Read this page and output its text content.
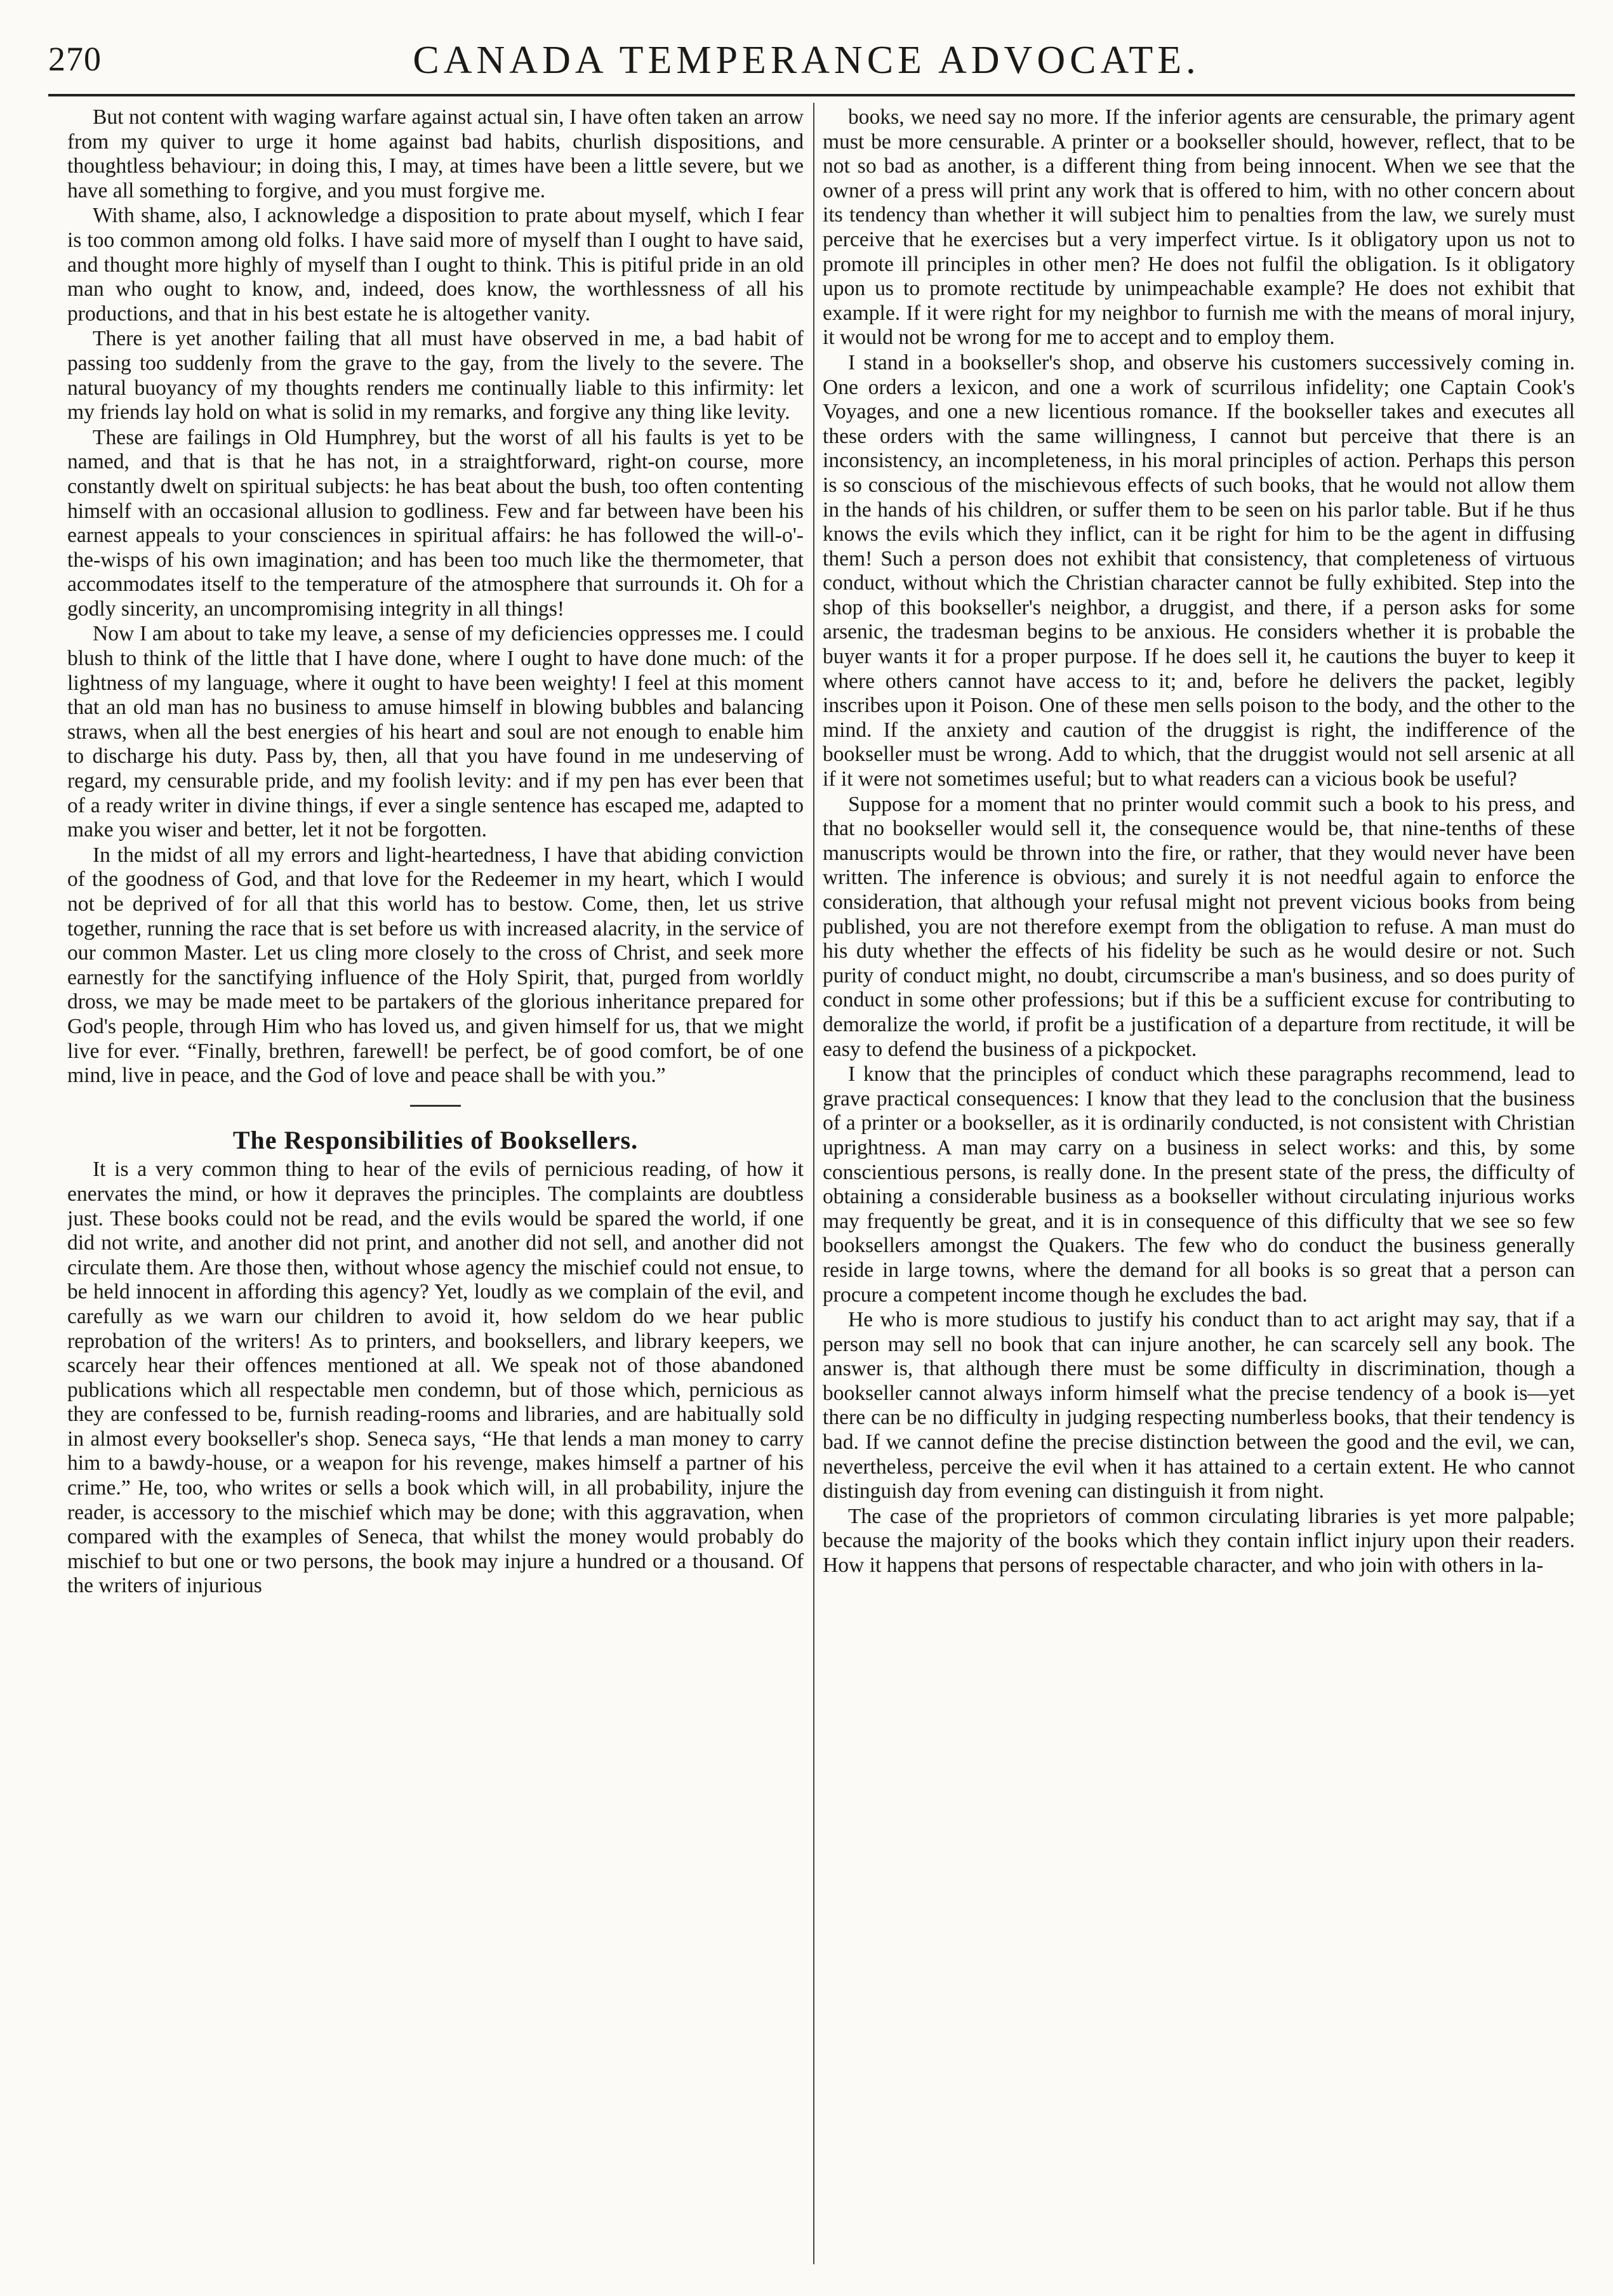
270	CANADA TEMPERANCE ADVOCATE.

But not content with waging warfare against actual sin, I have often taken an arrow from my quiver to urge it home against bad habits, churlish dispositions, and thoughtless behaviour; in doing this, I may, at times have been a little severe, but we have all something to forgive, and you must forgive me.

With shame, also, I acknowledge a disposition to prate about myself, which I fear is too common among old folks. I have said more of myself than I ought to have said, and thought more highly of myself than I ought to think. This is pitiful pride in an old man who ought to know, and, indeed, does know, the worthlessness of all his productions, and that in his best estate he is altogether vanity.

There is yet another failing that all must have observed in me, a bad habit of passing too suddenly from the grave to the gay, from the lively to the severe. The natural buoyancy of my thoughts renders me continually liable to this infirmity: let my friends lay hold on what is solid in my remarks, and forgive any thing like levity.

These are failings in Old Humphrey, but the worst of all his faults is yet to be named, and that is that he has not, in a straightforward, right-on course, more constantly dwelt on spiritual subjects: he has beat about the bush, too often contenting himself with an occasional allusion to godliness. Few and far between have been his earnest appeals to your consciences in spiritual affairs: he has followed the will-o'-the-wisps of his own imagination; and has been too much like the thermometer, that accommodates itself to the temperature of the atmosphere that surrounds it. Oh for a godly sincerity, an uncompromising integrity in all things!

Now I am about to take my leave, a sense of my deficiencies oppresses me. I could blush to think of the little that I have done, where I ought to have done much: of the lightness of my language, where it ought to have been weighty! I feel at this moment that an old man has no business to amuse himself in blowing bubbles and balancing straws, when all the best energies of his heart and soul are not enough to enable him to discharge his duty. Pass by, then, all that you have found in me undeserving of regard, my censurable pride, and my foolish levity: and if my pen has ever been that of a ready writer in divine things, if ever a single sentence has escaped me, adapted to make you wiser and better, let it not be forgotten.

In the midst of all my errors and light-heartedness, I have that abiding conviction of the goodness of God, and that love for the Redeemer in my heart, which I would not be deprived of for all that this world has to bestow. Come, then, let us strive together, running the race that is set before us with increased alacrity, in the service of our common Master. Let us cling more closely to the cross of Christ, and seek more earnestly for the sanctifying influence of the Holy Spirit, that, purged from worldly dross, we may be made meet to be partakers of the glorious inheritance prepared for God's people, through Him who has loved us, and given himself for us, that we might live for ever. “Finally, brethren, farewell! be perfect, be of good comfort, be of one mind, live in peace, and the God of love and peace shall be with you.”

The Responsibilities of Booksellers.

It is a very common thing to hear of the evils of pernicious reading, of how it enervates the mind, or how it depraves the principles. The complaints are doubtless just. These books could not be read, and the evils would be spared the world, if one did not write, and another did not print, and another did not sell, and another did not circulate them. Are those then, without whose agency the mischief could not ensue, to be held innocent in affording this agency? Yet, loudly as we complain of the evil, and carefully as we warn our children to avoid it, how seldom do we hear public reprobation of the writers! As to printers, and booksellers, and library keepers, we scarcely hear their offences mentioned at all. We speak not of those abandoned publications which all respectable men condemn, but of those which, pernicious as they are confessed to be, furnish reading-rooms and libraries, and are habitually sold in almost every bookseller's shop. Seneca says, “He that lends a man money to carry him to a bawdy-house, or a weapon for his revenge, makes himself a partner of his crime.” He, too, who writes or sells a book which will, in all probability, injure the reader, is accessory to the mischief which may be done; with this aggravation, when compared with the examples of Seneca, that whilst the money would probably do mischief to but one or two persons, the book may injure a hundred or a thousand. Of the writers of injurious

books, we need say no more. If the inferior agents are censurable, the primary agent must be more censurable. A printer or a bookseller should, however, reflect, that to be not so bad as another, is a different thing from being innocent. When we see that the owner of a press will print any work that is offered to him, with no other concern about its tendency than whether it will subject him to penalties from the law, we surely must perceive that he exercises but a very imperfect virtue. Is it obligatory upon us not to promote ill principles in other men? He does not fulfil the obligation. Is it obligatory upon us to promote rectitude by unimpeachable example? He does not exhibit that example. If it were right for my neighbor to furnish me with the means of moral injury, it would not be wrong for me to accept and to employ them.

I stand in a bookseller's shop, and observe his customers successively coming in. One orders a lexicon, and one a work of scurrilous infidelity; one Captain Cook's Voyages, and one a new licentious romance. If the bookseller takes and executes all these orders with the same willingness, I cannot but perceive that there is an inconsistency, an incompleteness, in his moral principles of action. Perhaps this person is so conscious of the mischievous effects of such books, that he would not allow them in the hands of his children, or suffer them to be seen on his parlor table. But if he thus knows the evils which they inflict, can it be right for him to be the agent in diffusing them! Such a person does not exhibit that consistency, that completeness of virtuous conduct, without which the Christian character cannot be fully exhibited. Step into the shop of this bookseller's neighbor, a druggist, and there, if a person asks for some arsenic, the tradesman begins to be anxious. He considers whether it is probable the buyer wants it for a proper purpose. If he does sell it, he cautions the buyer to keep it where others cannot have access to it; and, before he delivers the packet, legibly inscribes upon it Poison. One of these men sells poison to the body, and the other to the mind. If the anxiety and caution of the druggist is right, the indifference of the bookseller must be wrong. Add to which, that the druggist would not sell arsenic at all if it were not sometimes useful; but to what readers can a vicious book be useful?

Suppose for a moment that no printer would commit such a book to his press, and that no bookseller would sell it, the consequence would be, that nine-tenths of these manuscripts would be thrown into the fire, or rather, that they would never have been written. The inference is obvious; and surely it is not needful again to enforce the consideration, that although your refusal might not prevent vicious books from being published, you are not therefore exempt from the obligation to refuse. A man must do his duty whether the effects of his fidelity be such as he would desire or not. Such purity of conduct might, no doubt, circumscribe a man's business, and so does purity of conduct in some other professions; but if this be a sufficient excuse for contributing to demoralize the world, if profit be a justification of a departure from rectitude, it will be easy to defend the business of a pickpocket.

I know that the principles of conduct which these paragraphs recommend, lead to grave practical consequences: I know that they lead to the conclusion that the business of a printer or a bookseller, as it is ordinarily conducted, is not consistent with Christian uprightness. A man may carry on a business in select works: and this, by some conscientious persons, is really done. In the present state of the press, the difficulty of obtaining a considerable business as a bookseller without circulating injurious works may frequently be great, and it is in consequence of this difficulty that we see so few booksellers amongst the Quakers. The few who do conduct the business generally reside in large towns, where the demand for all books is so great that a person can procure a competent income though he excludes the bad.

He who is more studious to justify his conduct than to act aright may say, that if a person may sell no book that can injure another, he can scarcely sell any book. The answer is, that although there must be some difficulty in discrimination, though a bookseller cannot always inform himself what the precise tendency of a book is—yet there can be no difficulty in judging respecting numberless books, that their tendency is bad. If we cannot define the precise distinction between the good and the evil, we can, nevertheless, perceive the evil when it has attained to a certain extent. He who cannot distinguish day from evening can distinguish it from night.

The case of the proprietors of common circulating libraries is yet more palpable; because the majority of the books which they contain inflict injury upon their readers. How it happens that persons of respectable character, and who join with others in la-
